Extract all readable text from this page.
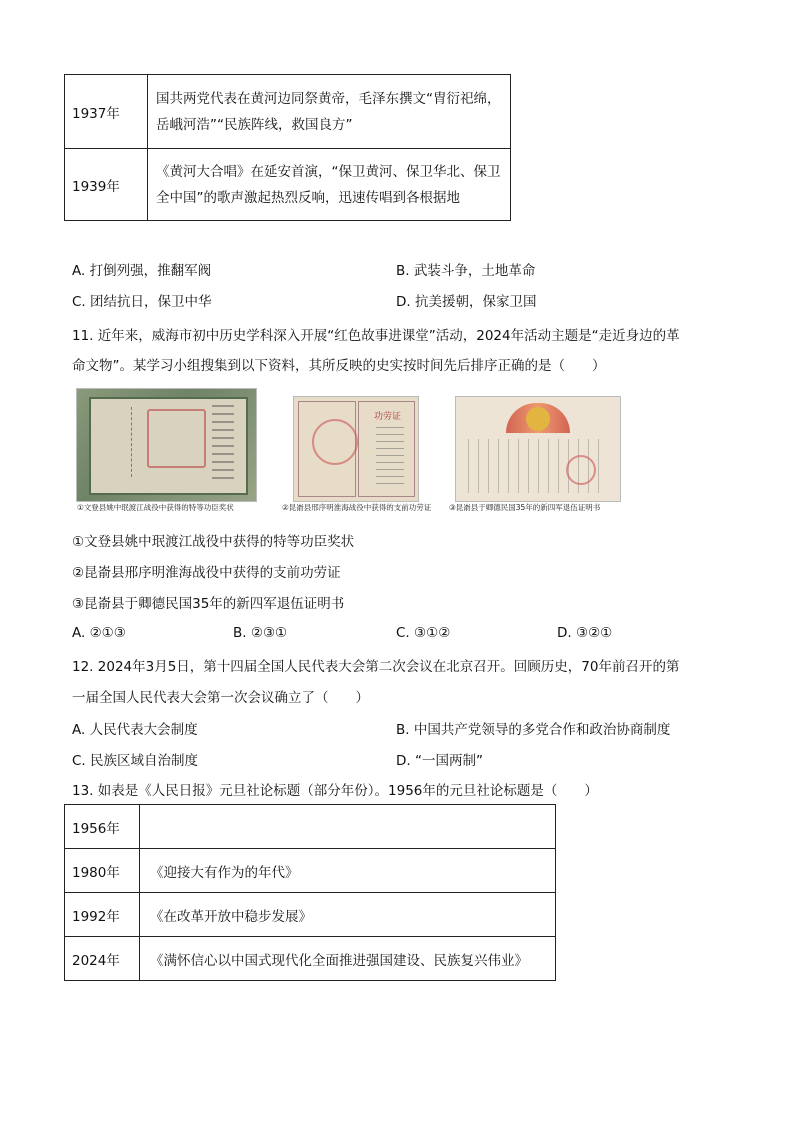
1937年	国共两党代表在黄河边同祭黄帝，毛泽东撰文“胄衍祀绵，岳峨河浩”“民族阵线，救国良方”
1939年	《黄河大合唱》在延安首演，“保卫黄河、保卫华北、保卫全中国”的歌声激起热烈反响，迅速传唱到各根据地
A. 打倒列强，推翻军阀	B. 武装斗争，土地革命
C. 团结抗日，保卫中华	D. 抗美援朝，保家卫国
11. 近年来，威海市初中历史学科深入开展“红色故事进课堂”活动，2024年活动主题是“走近身边的革
命文物”。某学习小组搜集到以下资料，其所反映的史实按时间先后排序正确的是（　　）
功劳证
①文登县姚中珉渡江战役中获得的特等功臣奖状	②昆嵛县邢序明淮海战役中获得的支前功劳证 ③昆嵛县于卿德民国35年的新四军退伍证明书
①文登县姚中珉渡江战役中获得的特等功臣奖状
②昆嵛县邢序明淮海战役中获得的支前功劳证
③昆嵛县于卿德民国35年的新四军退伍证明书
A. ②①③	B. ②③①	C. ③①②	D. ③②①
12. 2024年3月5日，第十四届全国人民代表大会第二次会议在北京召开。回顾历史，70年前召开的第
一届全国人民代表大会第一次会议确立了（　　）
A. 人民代表大会制度	B. 中国共产党领导的多党合作和政治协商制度
C. 民族区域自治制度	D. “一国两制”
13. 如表是《人民日报》元旦社论标题（部分年份）。1956年的元旦社论标题是（　　）
1956年	
1980年	《迎接大有作为的年代》
1992年	《在改革开放中稳步发展》
2024年	《满怀信心以中国式现代化全面推进强国建设、民族复兴伟业》
